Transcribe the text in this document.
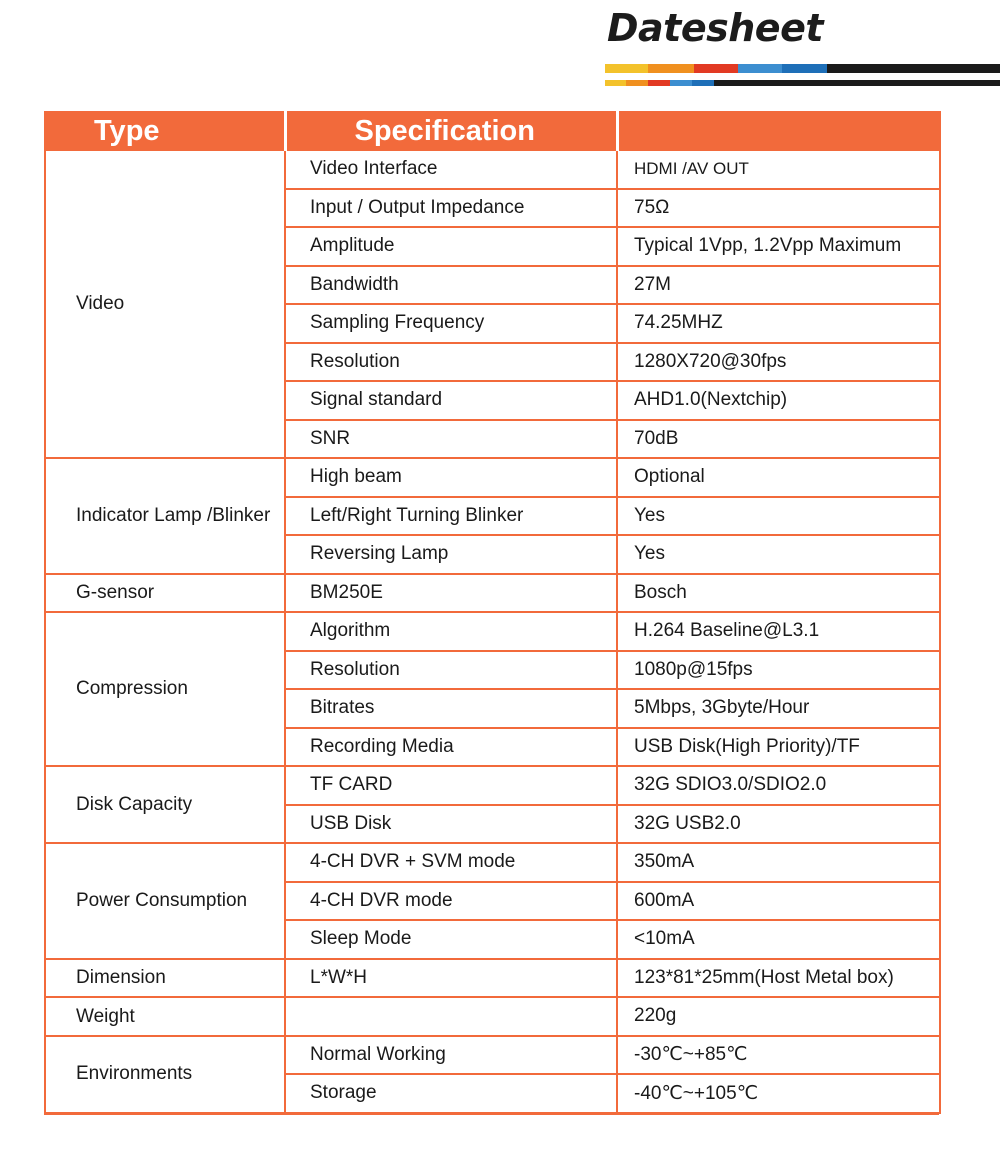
Datesheet
Type	Specification	
Video	Video Interface	HDMI /AV OUT
	Input / Output Impedance	75Ω
	Amplitude	Typical 1Vpp, 1.2Vpp Maximum
	Bandwidth	27M
	Sampling Frequency	74.25MHZ
	Resolution	1280X720@30fps
	Signal standard	AHD1.0(Nextchip)
	SNR	70dB
Indicator Lamp /Blinker	High beam	Optional
	Left/Right Turning Blinker	Yes
	Reversing Lamp	Yes
G-sensor	BM250E	Bosch
Compression	Algorithm	H.264 Baseline@L3.1
	Resolution	1080p@15fps
	Bitrates	5Mbps, 3Gbyte/Hour
	Recording Media	USB Disk(High Priority)/TF
Disk Capacity	TF CARD	32G SDIO3.0/SDIO2.0
	USB Disk	32G USB2.0
Power Consumption	4-CH DVR + SVM mode	350mA
	4-CH DVR mode	600mA
	Sleep Mode	<10mA
Dimension	L*W*H	123*81*25mm(Host Metal box)
Weight		220g
Environments	Normal Working	-30℃~+85℃
	Storage	-40℃~+105℃
